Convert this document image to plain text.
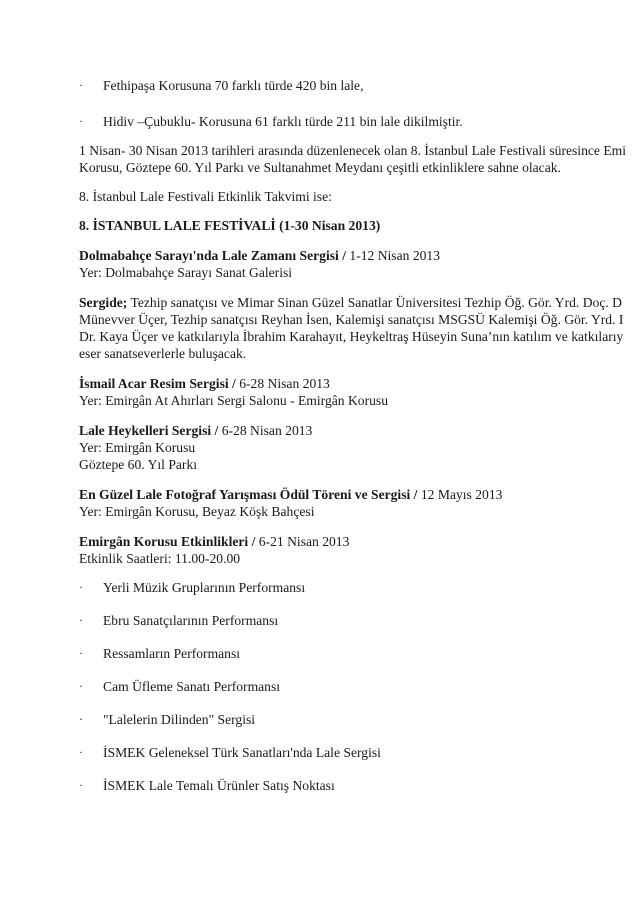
· Fethipaşa Korusuna 70 farklı türde 420 bin lale,
· Hidiv –Çubuklu- Korusuna 61 farklı türde 211 bin lale dikilmiştir.
1 Nisan- 30 Nisan 2013 tarihleri arasında düzenlenecek olan 8. İstanbul Lale Festivali süresince Emi
Korusu, Göztepe 60. Yıl Parkı ve Sultanahmet Meydanı çeşitli etkinliklere sahne olacak.
8. İstanbul Lale Festivali Etkinlik Takvimi ise:
8. İSTANBUL LALE FESTİVALİ (1-30 Nisan 2013)
Dolmabahçe Sarayı'nda Lale Zamanı Sergisi / 1-12 Nisan 2013
Yer: Dolmabahçe Sarayı Sanat Galerisi
Sergide; Tezhip sanatçısı ve Mimar Sinan Güzel Sanatlar Üniversitesi Tezhip Öğ. Gör. Yrd. Doç. D
Münevver Üçer, Tezhip sanatçısı Reyhan İsen, Kalemişi sanatçısı MSGSÜ Kalemişi Öğ. Gör. Yrd. I
Dr. Kaya Üçer ve katkılarıyla İbrahim Karahayıt, Heykeltraş Hüseyin Suna’nın katılım ve katkılarıy
eser sanatseverlerle buluşacak.
İsmail Acar Resim Sergisi / 6-28 Nisan 2013
Yer: Emirgân At Ahırları Sergi Salonu - Emirgân Korusu
Lale Heykelleri Sergisi / 6-28 Nisan 2013
Yer: Emirgân Korusu
Göztepe 60. Yıl Parkı
En Güzel Lale Fotoğraf Yarışması Ödül Töreni ve Sergisi / 12 Mayıs 2013
Yer: Emirgân Korusu, Beyaz Köşk Bahçesi
Emirgân Korusu Etkinlikleri / 6-21 Nisan 2013
Etkinlik Saatleri: 11.00-20.00
· Yerli Müzik Gruplarının Performansı
· Ebru Sanatçılarının Performansı
· Ressamların Performansı
· Cam Üfleme Sanatı Performansı
· "Lalelerin Dilinden" Sergisi
· İSMEK Geleneksel Türk Sanatları'nda Lale Sergisi
· İSMEK Lale Temalı Ürünler Satış Noktası
